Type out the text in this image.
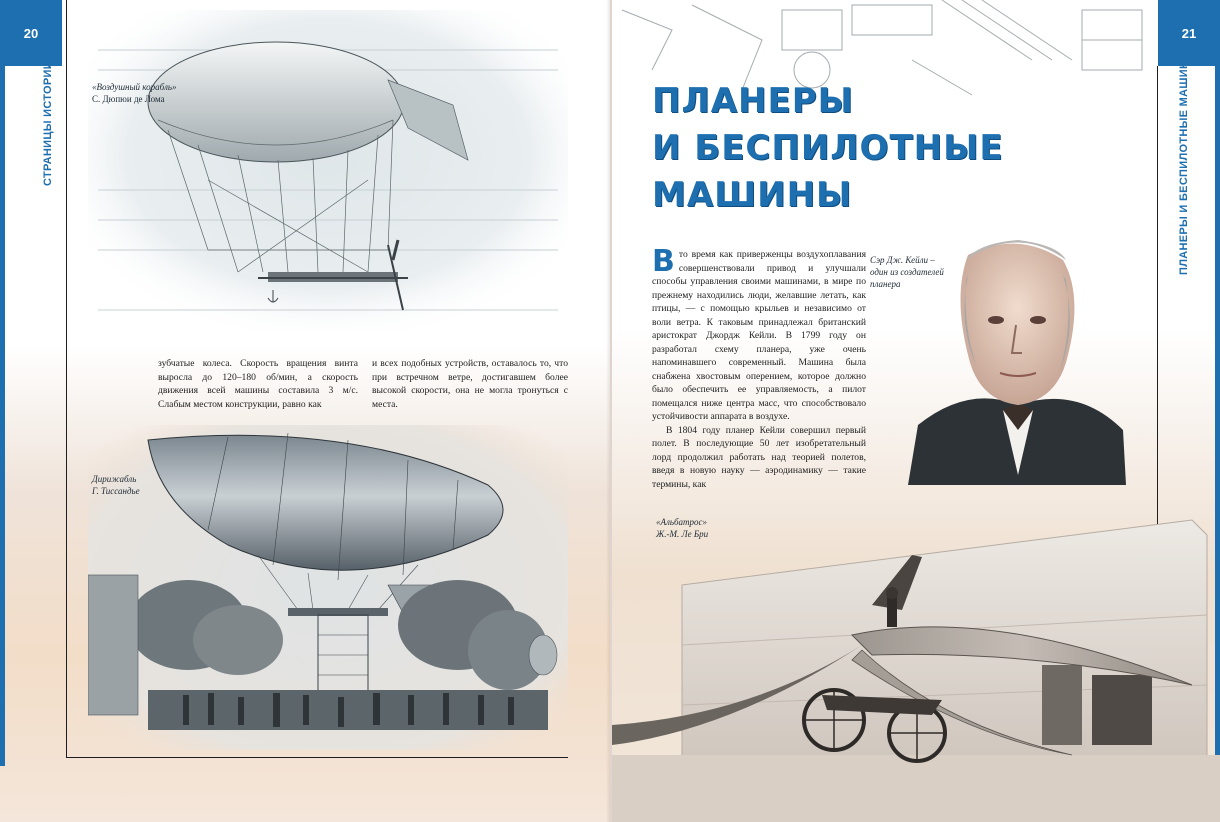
20
СТРАНИЦЫ ИСТОРИИ	«Воздушный корабль»
С. Дюпюи де Лома

зубчатые колеса. Скорость вращения винта выросла до 120–180 об/мин, а скорость движения всей машины составила 3 м/с. Слабым местом конструкции, равно как

и всех подобных устройств, оставалось то, что при встречном ветре, достигавшем более высокой скорости, она не могла тронуться с места.

Дирижабль
Г. Тиссандье
21
ПЛАНЕРЫ И БЕСПИЛОТНЫЕ МАШИНЫ
ПЛАНЕРЫ
И БЕСПИЛОТНЫЕ
МАШИНЫ

Вто время как приверженцы воздухоплавания совершенствовали привод и улучшали способы управления своими машинами, в мире по прежнему находились люди, желавшие летать, как птицы, — с помощью крыльев и независимо от воли ветра. К таковым принадлежал британский аристократ Джордж Кейли. В 1799 году он разработал схему планера, уже очень напоминавшего современный. Машина была снабжена хвостовым оперением, которое должно было обеспечить ее управляемость, а пилот помещался ниже центра масс, что способствовало устойчивости аппарата в воздухе.

В 1804 году планер Кейли совершил первый полет. В последующие 50 лет изобретательный лорд продолжил работать над теорией полетов, введя в новую науку — аэродинамику — такие термины, как

Сэр Дж. Кейли –
один из создателей
планера
«Альбатрос»
Ж.-М. Ле Бри
